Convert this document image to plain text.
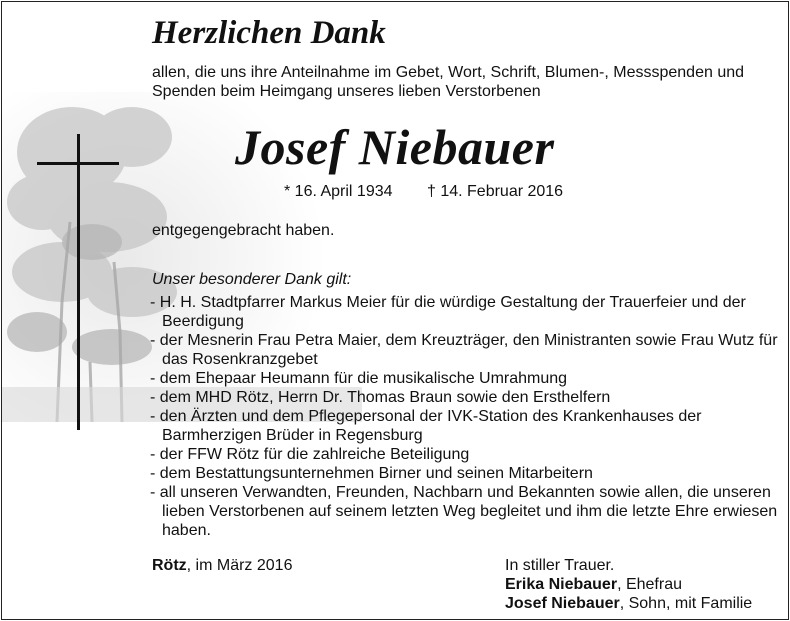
Herzlichen Dank
allen, die uns ihre Anteilnahme im Gebet, Wort, Schrift, Blumen-, Messspenden und Spenden beim Heimgang unseres lieben Verstorbenen
Josef Niebauer
* 16. April 1934 † 14. Februar 2016
entgegengebracht haben.
Unser besonderer Dank gilt:
- H. H. Stadtpfarrer Markus Meier für die würdige Gestaltung der Trauerfeier und der Beerdigung
- der Mesnerin Frau Petra Maier, dem Kreuzträger, den Ministranten sowie Frau Wutz für das Rosenkranzgebet
- dem Ehepaar Heumann für die musikalische Umrahmung
- dem MHD Rötz, Herrn Dr. Thomas Braun sowie den Ersthelfern
- den Ärzten und dem Pflegepersonal der IVK-Station des Krankenhauses der Barmherzigen Brüder in Regensburg
- der FFW Rötz für die zahlreiche Beteiligung
- dem Bestattungsunternehmen Birner und seinen Mitarbeitern
- all unseren Verwandten, Freunden, Nachbarn und Bekannten sowie allen, die unseren lieben Verstorbenen auf seinem letzten Weg begleitet und ihm die letzte Ehre erwiesen haben.
Rötz, im März 2016	In stiller Trauer.
Erika Niebauer, Ehefrau
Josef Niebauer, Sohn, mit Familie
